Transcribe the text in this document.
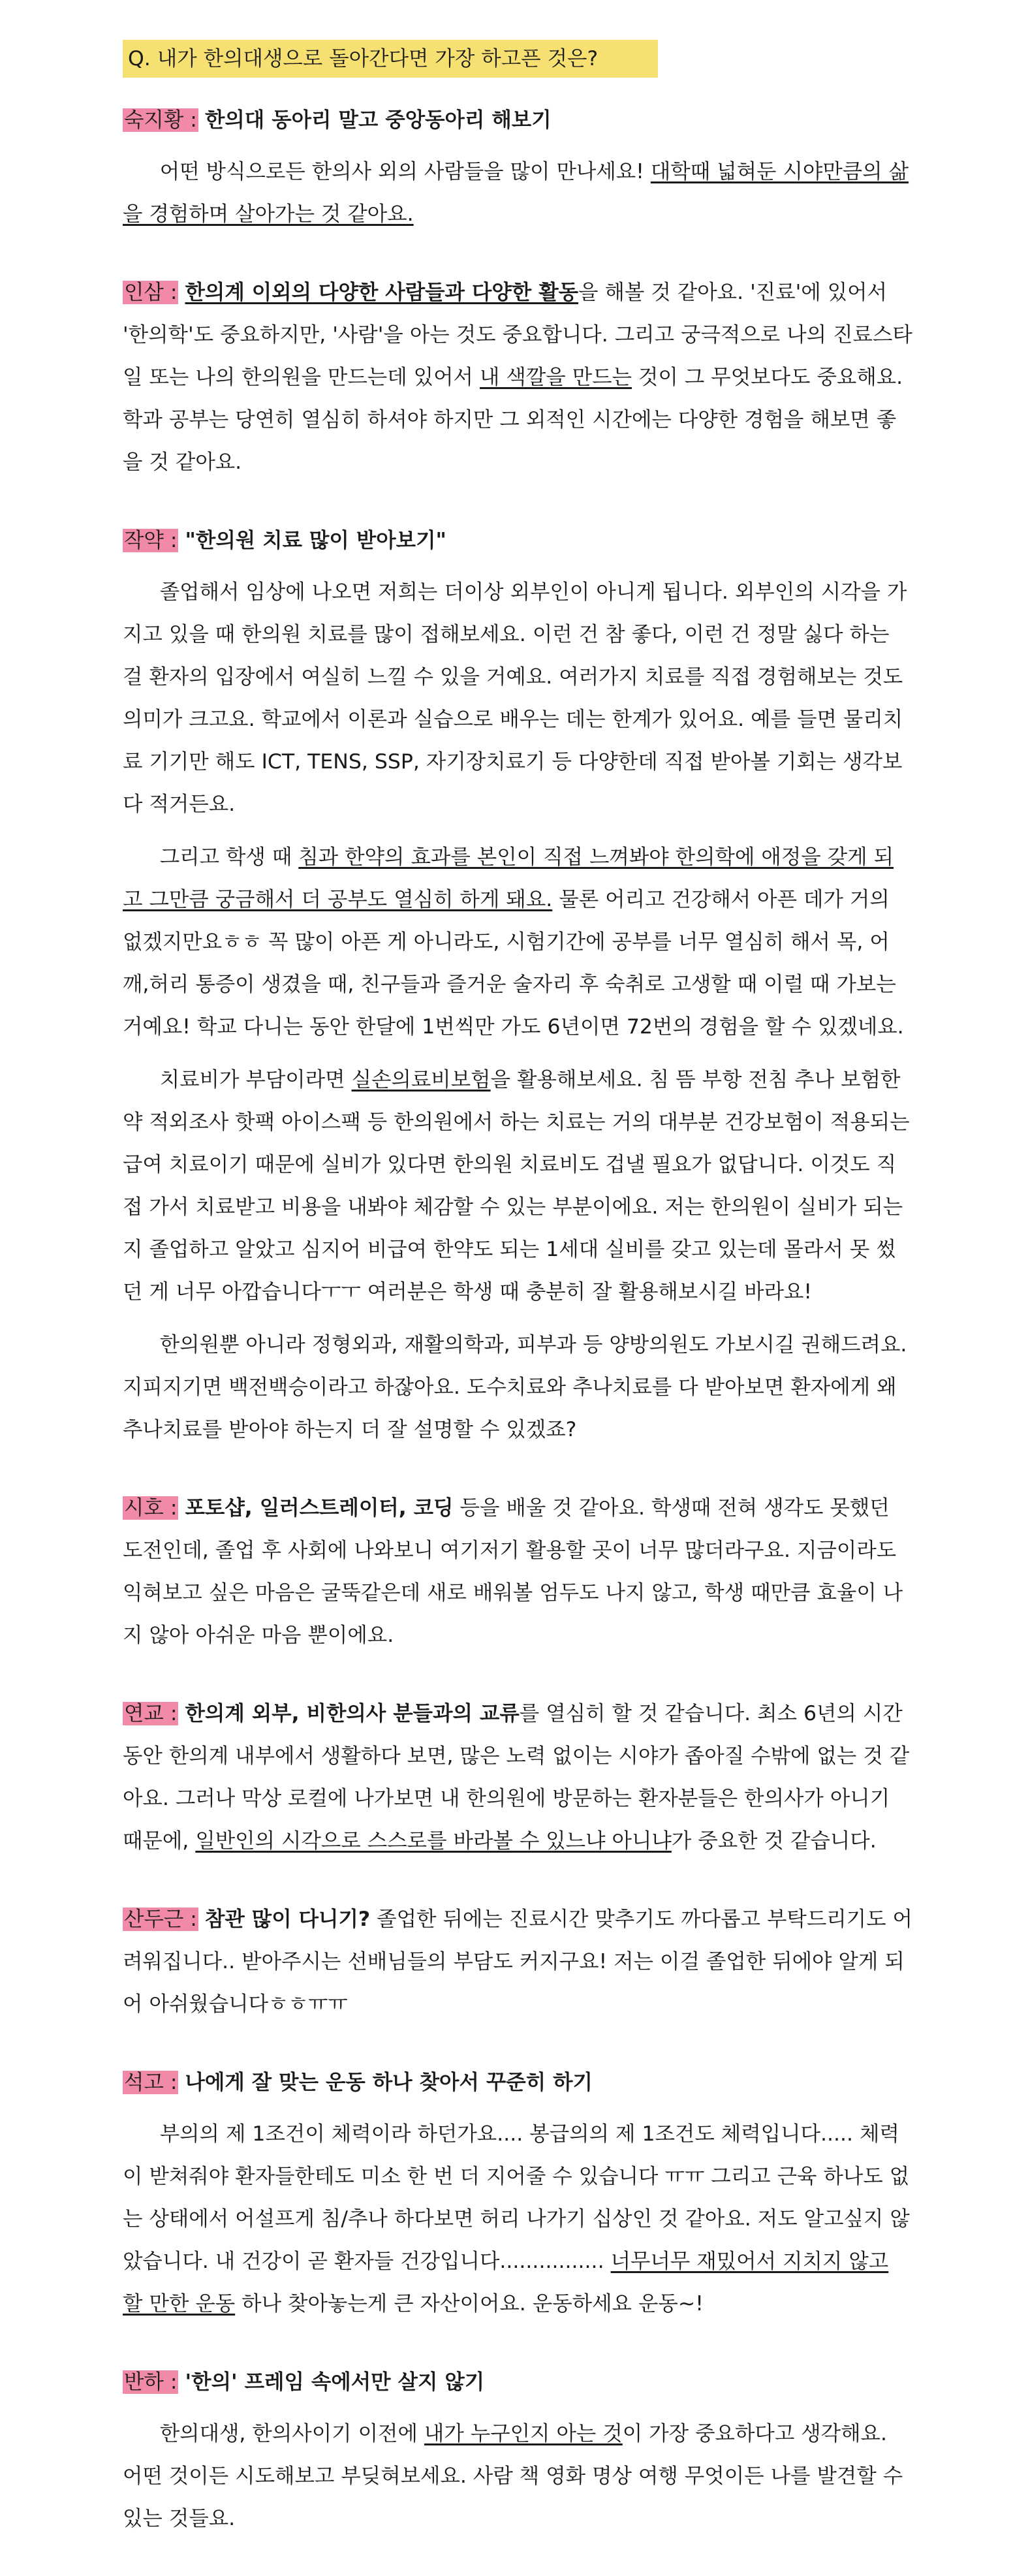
Q. 내가 한의대생으로 돌아간다면 가장 하고픈 것은?

숙지황 : 한의대 동아리 말고 중앙동아리 해보기

어떤 방식으로든 한의사 외의 사람들을 많이 만나세요! 대학때 넓혀둔 시야만큼의 삶을 경험하며 살아가는 것 같아요.

인삼 : 한의계 이외의 다양한 사람들과 다양한 활동을 해볼 것 같아요. '진료'에 있어서 '한의학'도 중요하지만, '사람'을 아는 것도 중요합니다. 그리고 궁극적으로 나의 진료스타일 또는 나의 한의원을 만드는데 있어서 내 색깔을 만드는 것이 그 무엇보다도 중요해요. 학과 공부는 당연히 열심히 하셔야 하지만 그 외적인 시간에는 다양한 경험을 해보면 좋을 것 같아요.

작약 : "한의원 치료 많이 받아보기"

졸업해서 임상에 나오면 저희는 더이상 외부인이 아니게 됩니다. 외부인의 시각을 가지고 있을 때 한의원 치료를 많이 접해보세요. 이런 건 참 좋다, 이런 건 정말 싫다 하는 걸 환자의 입장에서 여실히 느낄 수 있을 거예요. 여러가지 치료를 직접 경험해보는 것도 의미가 크고요. 학교에서 이론과 실습으로 배우는 데는 한계가 있어요. 예를 들면 물리치료 기기만 해도 ICT, TENS, SSP, 자기장치료기 등 다양한데 직접 받아볼 기회는 생각보다 적거든요.

그리고 학생 때 침과 한약의 효과를 본인이 직접 느껴봐야 한의학에 애정을 갖게 되고 그만큼 궁금해서 더 공부도 열심히 하게 돼요. 물론 어리고 건강해서 아픈 데가 거의 없겠지만요ㅎㅎ 꼭 많이 아픈 게 아니라도, 시험기간에 공부를 너무 열심히 해서 목, 어깨,허리 통증이 생겼을 때, 친구들과 즐거운 술자리 후 숙취로 고생할 때 이럴 때 가보는 거예요! 학교 다니는 동안 한달에 1번씩만 가도 6년이면 72번의 경험을 할 수 있겠네요.

치료비가 부담이라면 실손의료비보험을 활용해보세요. 침 뜸 부항 전침 추나 보험한약 적외조사 핫팩 아이스팩 등 한의원에서 하는 치료는 거의 대부분 건강보험이 적용되는 급여 치료이기 때문에 실비가 있다면 한의원 치료비도 겁낼 필요가 없답니다. 이것도 직접 가서 치료받고 비용을 내봐야 체감할 수 있는 부분이에요. 저는 한의원이 실비가 되는지 졸업하고 알았고 심지어 비급여 한약도 되는 1세대 실비를 갖고 있는데 몰라서 못 썼던 게 너무 아깝습니다ㅜㅜ 여러분은 학생 때 충분히 잘 활용해보시길 바라요!

한의원뿐 아니라 정형외과, 재활의학과, 피부과 등 양방의원도 가보시길 권해드려요. 지피지기면 백전백승이라고 하잖아요. 도수치료와 추나치료를 다 받아보면 환자에게 왜 추나치료를 받아야 하는지 더 잘 설명할 수 있겠죠?

시호 : 포토샵, 일러스트레이터, 코딩 등을 배울 것 같아요. 학생때 전혀 생각도 못했던 도전인데, 졸업 후 사회에 나와보니 여기저기 활용할 곳이 너무 많더라구요. 지금이라도 익혀보고 싶은 마음은 굴뚝같은데 새로 배워볼 엄두도 나지 않고, 학생 때만큼 효율이 나지 않아 아쉬운 마음 뿐이에요.

연교 : 한의계 외부, 비한의사 분들과의 교류를 열심히 할 것 같습니다. 최소 6년의 시간동안 한의계 내부에서 생활하다 보면, 많은 노력 없이는 시야가 좁아질 수밖에 없는 것 같아요. 그러나 막상 로컬에 나가보면 내 한의원에 방문하는 환자분들은 한의사가 아니기 때문에, 일반인의 시각으로 스스로를 바라볼 수 있느냐 아니냐가 중요한 것 같습니다.

산두근 : 참관 많이 다니기? 졸업한 뒤에는 진료시간 맞추기도 까다롭고 부탁드리기도 어려워집니다.. 받아주시는 선배님들의 부담도 커지구요! 저는 이걸 졸업한 뒤에야 알게 되어 아쉬웠습니다ㅎㅎㅠㅠ

석고 : 나에게 잘 맞는 운동 하나 찾아서 꾸준히 하기

부의의 제 1조건이 체력이라 하던가요.... 봉급의의 제 1조건도 체력입니다..... 체력이 받쳐줘야 환자들한테도 미소 한 번 더 지어줄 수 있습니다 ㅠㅠ 그리고 근육 하나도 없는 상태에서 어설프게 침/추나 하다보면 허리 나가기 십상인 것 같아요. 저도 알고싶지 않았습니다. 내 건강이 곧 환자들 건강입니다................ 너무너무 재밌어서 지치지 않고 할 만한 운동 하나 찾아놓는게 큰 자산이어요. 운동하세요 운동~!

반하 : '한의' 프레임 속에서만 살지 않기

한의대생, 한의사이기 이전에 내가 누구인지 아는 것이 가장 중요하다고 생각해요. 어떤 것이든 시도해보고 부딪혀보세요. 사람 책 영화 명상 여행 무엇이든 나를 발견할 수 있는 것들요.
